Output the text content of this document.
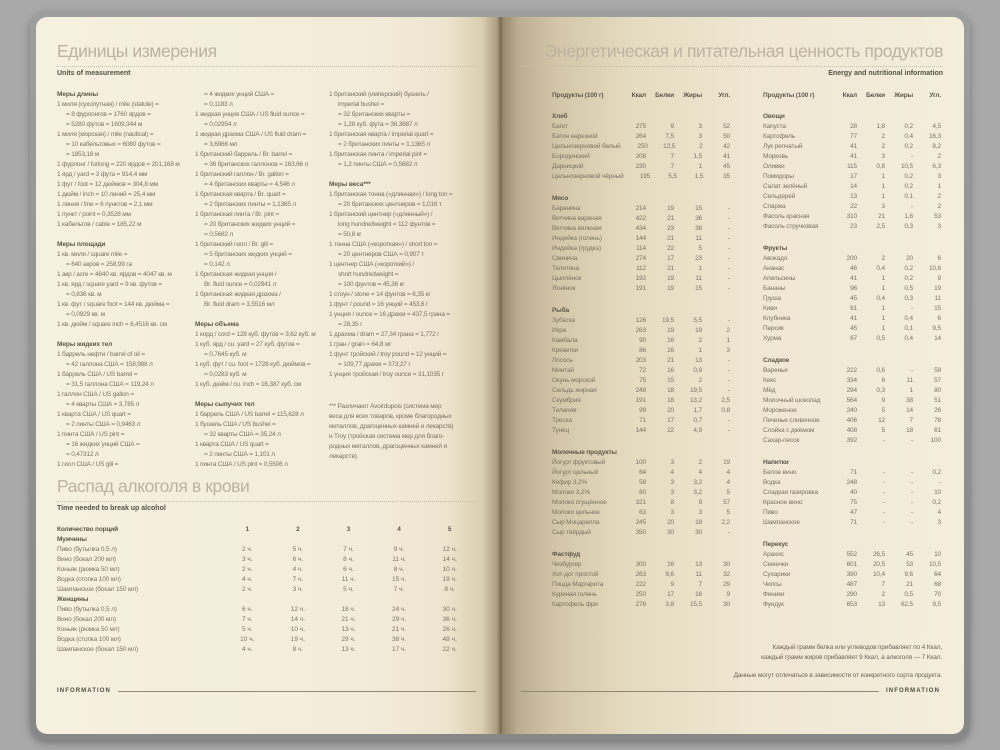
Единицы измерения
Units of measurement
Меры длины
1 миля (сухопутная) / mile (statute) =
= 8 фурлонгов = 1760 ярдов =
= 5280 футов = 1609,344 м
1 миля (морская) / mile (nautical) =
= 10 кабельтовых = 6080 футов =
= 1853,18 м
1 фурлонг / furlong = 220 ярдов = 201,168 м
1 ярд / yard = 3 фута = 914,4 мм
1 фут / foot = 12 дюймов = 304,8 мм
1 дюйм / inch = 10 линий = 25,4 мм
1 линия / line = 6 пунктов = 2,1 мм
1 пункт / point = 0,3528 мм
1 кабельтов / cable = 185,22 м
Меры площади
1 кв. миля / square mile =
= 640 акров = 258,99 га
1 акр / acre = 4840 кв. ярдов = 4047 кв. м
1 кв. ярд / square yard = 9 кв. футов =
= 0,836 кв. м
1 кв. фут / square foot = 144 кв. дюйма =
= 0,0929 кв. м
1 кв. дюйм / square inch = 6,4516 кв. см
Меры жидких тел
1 баррель нефти / barrel of oil =
= 42 галлона США = 158,988 л
1 баррель США / US barrel =
= 31,5 галлона США = 119,24 л
1 галлон США / US gallon =
= 4 кварты США = 3,785 л
1 кварта США / US quart =
= 2 пинты США = 0,9463 л
1 пинта США / US pint =
= 16 жидких унций США =
= 0,47312 л
1 гилл США / US gill =
= 4 жидких унций США =
= 0,1183 л
1 жидкая унция США / US fluid ounce =
= 0,02954 л
1 жидкая драхма США / US fluid dram =
= 3,6966 мл
1 британский баррель / Br. barrel =
= 36 британских галлонов = 163,66 л
1 британский галлон / Br. gallon =
= 4 британских кварты = 4,546 л
1 британская кварта / Br. quart =
= 2 британских пинты = 1,1365 л
1 британская пинта / Br. pint =
= 20 британских жидких унций =
= 0,5682 л
1 британский гилл / Br. gill =
= 5 британских жидких унций =
= 0,142 л
1 британская жидкая унция /
Br. fluid ounce = 0,02841 л
1 британская жидкая драхма /
Br. fluid dram = 3,5516 мл
Меры объема
1 корд / cord = 128 куб. футов = 3,62 куб. м
1 куб. ярд / cu. yard = 27 куб. футов =
= 0,7645 куб. м
1 куб. фут / cu. foot = 1728 куб. дюймов =
= 0,0283 куб. м
1 куб. дюйм / cu. inch = 16,387 куб. см
Меры сыпучих тел
1 баррель США / US barrel = 115,628 л
1 бушель США / US bushel =
= 32 кварты США = 35,24 л
1 кварта США / US quart =
= 2 пинты США = 1,101 л
1 пинта США / US pint = 0,5506 л
1 британский (имперский) бушель /
imperial bushel =
= 32 британских кварты =
= 1,28 куб. фута = 36,3687 л
1 британская кварта / imperial quart =
= 2 британских пинты = 1,1365 л
1 британская пинта / imperial pint =
= 1,2 пинты США = 0,5682 л
Меры веса***
1 британская тонна («длинная») / long ton =
= 20 британских центнеров = 1,016 т
1 британский центнер («длинный») /
long hundredweight = 112 фунтов =
= 50,8 кг
1 тонна США («короткая») / short ton =
= 20 центнеров США = 0,907 т
1 центнер США («короткий») /
short hundredweight =
= 100 фунтов = 45,36 кг
1 стоун / stone = 14 фунтов = 6,35 кг
1 фунт / pound = 16 унций = 453,6 г
1 унция / ounce = 16 драхм = 437,5 грана =
= 28,35 г
1 драхма / dram = 27,34 грана = 1,772 г
1 гран / grain = 64,8 мг
1 фунт тройский / troy pound = 12 унций =
= 109,77 драхм = 373,27 г
1 унция тройская / troy ounce = 31,1035 г
*** Различают Avoirdupois (система мер
веса для всех товаров, кроме благородных
металлов, драгоценных камней и лекарств)
и Troy (тройская система мер для благо-
родных металлов, драгоценных камней и
лекарств).
Распад алкоголя в крови
Time needed to break up alcohol
Количество порций	1	2	3	4	5
Мужчины
Пиво (бутылка 0,5 л)	2 ч.	5 ч.	7 ч.	9 ч.	12 ч.
Вино (бокал 200 мл)	3 ч.	6 ч.	8 ч.	11 ч.	14 ч.
Коньяк (рюмка 50 мл)	2 ч.	4 ч.	6 ч.	8 ч.	10 ч.
Водка (стопка 100 мл)	4 ч.	7 ч.	11 ч.	15 ч.	19 ч.
Шампанское (бокал 150 мл)	2 ч.	3 ч.	5 ч.	7 ч.	8 ч.
Женщины
Пиво (бутылка 0,5 л)	6 ч.	12 ч.	18 ч.	24 ч.	30 ч.
Вино (бокал 200 мл)	7 ч.	14 ч.	21 ч.	29 ч.	36 ч.
Коньяк (рюмка 50 мл)	5 ч.	10 ч.	13 ч.	21 ч.	26 ч.
Водка (стопка 100 мл)	10 ч.	19 ч.	29 ч.	38 ч.	48 ч.
Шампанское (бокал 150 мл)	4 ч.	8 ч.	13 ч.	17 ч.	22 ч.
INFORMATION
Энергетическая и питательная ценность продуктов
Energy and nutritional information
Продукты (100 г)	Ккал	Белки	Жиры	Угл.
Хлеб
Багет	275	9	3	52
Батон нарезной	264	7,5	3	50
Цельнозерновой белый	250	12,5	2	42
Бородинский	208	7	1,5	41
Дарницкий	230	7	1	45
Цельнозерновой чёрный	195	5,5	1,5	35
Мясо
Баранина	214	19	15	-
Ветчина вареная	422	21	36	-
Ветчина вяленая	434	23	38	-
Индейка (голень)	144	21	11	-
Индейка (грудка)	114	22	5	-
Свинина	274	17	23	-
Телятина	112	21	1	-
Цыплёнок	192	19	11	-
Ягнёнок	191	19	15	-
Рыба
Зубатка	126	19,5	5,5	-
Икра	263	19	19	2
Камбала	90	16	2	1
Креветки	86	16	1	3
Лосось	203	21	13	-
Минтай	72	16	0,9	-
Окунь морской	75	15	2	-
Сельдь жирная	248	18	19,5	-
Скумбрия	191	18	13,2	2,5
Тилапия	99	20	1,7	0,8
Треска	71	17	0,7	-
Тунец	144	22	4,9	-
Молочные продукты
Йогурт фруктовый	100	3	2	19
Йогурт цельный	64	4	4	4
Кефир 3,2%	59	3	3,2	4
Молоко 3,2%	60	3	3,2	5
Молоко сгущённое	321	8	9	57
Молоко цельное	63	3	3	5
Сыр Моцарелла	245	20	18	2,2
Сыр твёрдый	350	30	30	-
Фастфуд
Чизбургер	300	16	13	30
Хот-дог простой	263	9,6	11	32
Пицца Маргарита	222	9	7	29
Куриная голень	250	17	16	9
Картофель фри	276	3,8	15,5	30
Продукты (100 г)	Ккал	Белки	Жиры	Угл.
Овощи
Капуста	28	1,8	0,2	4,5
Картофель	77	2	0,4	16,3
Лук репчатый	41	2	0,2	8,2
Морковь	41	3	-	2
Оливки	115	0,8	10,5	6,3
Помидоры	17	1	0,2	3
Салат зелёный	14	1	0,2	1
Сельдерей	13	1	0,1	2
Спаржа	22	3	-	2
Фасоль красная	310	21	1,6	53
Фасоль стручковая	23	2,5	0,3	3
Фрукты
Авокадо	200	2	20	6
Ананас	46	0,4	0,2	10,6
Апельсины	41	1	0,2	9
Бананы	96	1	0,5	19
Груша	45	0,4	0,3	11
Киви	61	1	-	15
Клубника	41	1	0,4	6
Персик	45	1	0,1	9,5
Хурма	67	0,5	0,4	14
Сладкое
Варенье	222	0,6	-	59
Кекс	334	6	11	57
Мёд	294	0,3	1	80
Молочный шоколад	564	9	38	51
Мороженое	240	5	14	26
Печенье сливочное	406	12	7	78
Слойка с джемом	408	5	18	61
Сахар-песок	392	-	-	100
Напитки
Белое вино	71	-	-	0,2
Водка	248	-	-	-
Сладкая газировка	40	-	-	10
Красное вино	75	-	-	0,2
Пиво	47	-	-	4
Шампанское	71	-	-	3
Перекус
Арахис	552	26,5	45	10
Семечки	601	20,5	53	10,5
Сухарики	390	10,4	9,6	64
Чипсы	487	7	21	68
Финики	290	2	0,5	70
Фундук	653	13	62,5	9,5
Каждый грамм белка или углеводов прибавляет по 4 Ккал,
каждый грамм жиров прибавляет 9 Ккал, а алкоголя — 7 Ккал.
Данные могут отличаться в зависимости от конкретного сорта продукта.
INFORMATION
